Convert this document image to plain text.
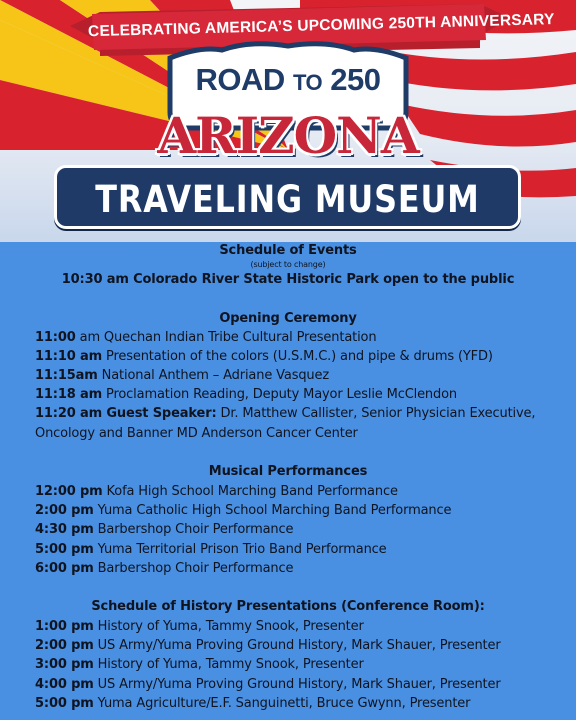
CELEBRATING AMERICA’S UPCOMING 250TH ANNIVERSARY
ROAD TO 250
ARIZONA
TRAVELING MUSEUM
Schedule of Events
(subject to change)
10:30 am Colorado River State Historic Park open to the public
Opening Ceremony
11:00 am Quechan Indian Tribe Cultural Presentation
11:10 am Presentation of the colors (U.S.M.C.) and pipe & drums (YFD)
11:15am National Anthem – Adriane Vasquez
11:18 am Proclamation Reading, Deputy Mayor Leslie McClendon
11:20 am Guest Speaker: Dr. Matthew Callister, Senior Physician Executive,
Oncology and Banner MD Anderson Cancer Center
Musical Performances
12:00 pm Kofa High School Marching Band Performance
2:00 pm Yuma Catholic High School Marching Band Performance
4:30 pm Barbershop Choir Performance
5:00 pm Yuma Territorial Prison Trio Band Performance
6:00 pm Barbershop Choir Performance
Schedule of History Presentations (Conference Room):
1:00 pm History of Yuma, Tammy Snook, Presenter
2:00 pm US Army/Yuma Proving Ground History, Mark Shauer, Presenter
3:00 pm History of Yuma, Tammy Snook, Presenter
4:00 pm US Army/Yuma Proving Ground History, Mark Shauer, Presenter
5:00 pm Yuma Agriculture/E.F. Sanguinetti, Bruce Gwynn, Presenter
